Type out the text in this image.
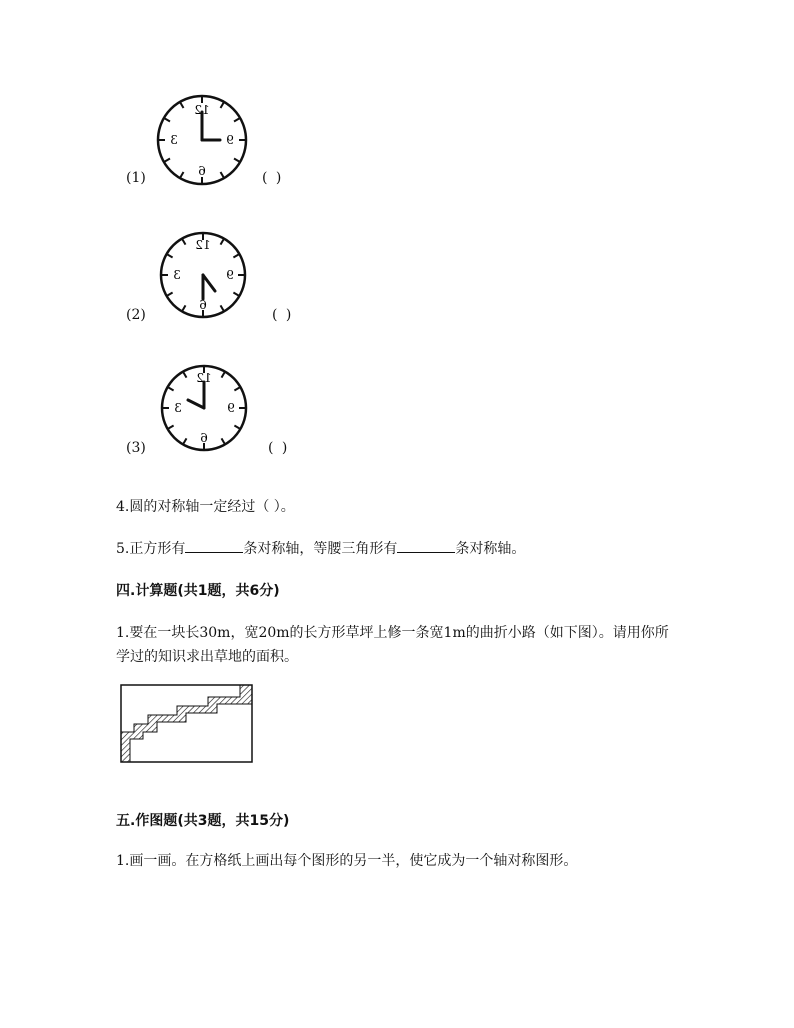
(1)
12
3	9
6	( )
(2)
12
3	9
6
( )
(3)
12
3	9
6
( )
4.圆的对称轴一定经过（ ）。
5.正方形有	条对称轴，等腰三角形有	条对称轴。
四.计算题(共1题，共6分)
1.要在一块长30m，宽20m的长方形草坪上修一条宽1m的曲折小路（如下图）。请用你所学过的知识求出草地的面积。
五.作图题(共3题，共15分)
1.画一画。在方格纸上画出每个图形的另一半，使它成为一个轴对称图形。
